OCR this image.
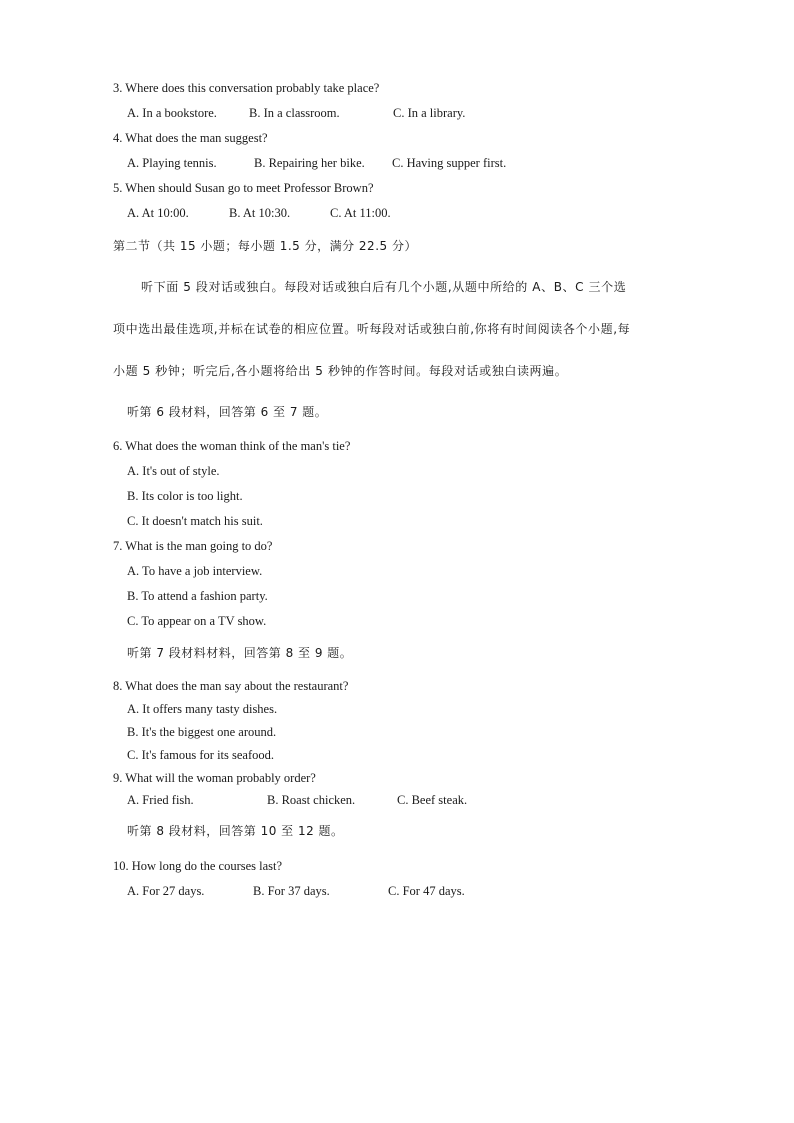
3. Where does this conversation probably take place?
A. In a bookstore.	B. In a classroom.	C. In a library.
4. What does the man suggest?
A. Playing tennis.	B. Repairing her bike. C. Having supper first.
5. When should Susan go to meet Professor Brown?
A. At 10:00.	B. At 10:30.	C. At 11:00.
第二节（共 15 小题；每小题 1.5 分，满分 22.5 分）
听下面 5 段对话或独白。每段对话或独白后有几个小题,从题中所给的 A、B、C 三个选
项中选出最佳选项,并标在试卷的相应位置。听每段对话或独白前,你将有时间阅读各个小题,每
小题 5 秒钟；听完后,各小题将给出 5 秒钟的作答时间。每段对话或独白读两遍。
听第 6 段材料，回答第 6 至 7 题。
6. What does the woman think of the man's tie?
A. It's out of style.
B. Its color is too light.
C. It doesn't match his suit.
7. What is the man going to do?
A. To have a job interview.
B. To attend a fashion party.
C. To appear on a TV show.
听第 7 段材料材料，回答第 8 至 9 题。
8. What does the man say about the restaurant?
A. It offers many tasty dishes.
B. It's the biggest one around.
C. It's famous for its seafood.
9. What will the woman probably order?
A. Fried fish.	B. Roast chicken.	C. Beef steak.
听第 8 段材料，回答第 10 至 12 题。
10. How long do the courses last?
A. For 27 days.	B. For 37 days.	C. For 47 days.
